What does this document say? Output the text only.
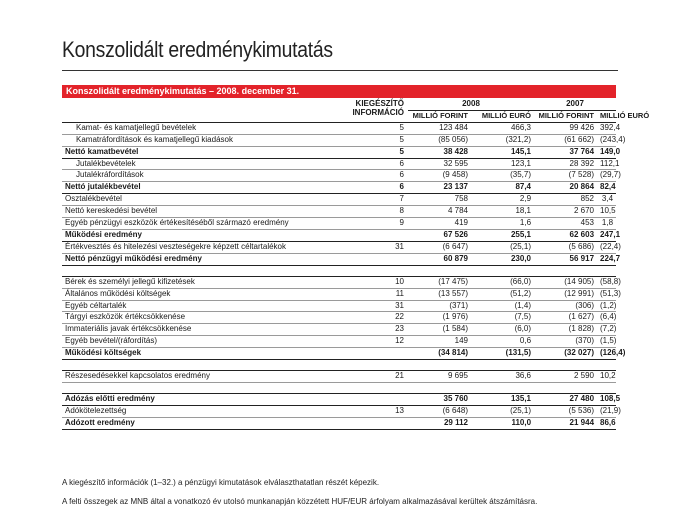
Konszolidált eredménykimutatás
Konszolidált eredménykimutatás – 2008. december 31.
	KIEGÉSZÍTŐ
INFORMÁCIÓ	2008		2007	
		MILLIÓ FORINT	MILLIÓ EURÓ	MILLIÓ FORINT	MILLIÓ EURÓ
Kamat- és kamatjellegű bevételek	5	123 484	466,3	99 426	392,4
Kamatráfordítások és kamatjellegű kiadások	5	(85 056)	(321,2)	(61 662)	(243,4)
Nettó kamatbevétel	5	38 428	145,1	37 764	149,0
Jutalékbevételek	6	32 595	123,1	28 392	112,1
Jutalékráfordítások	6	(9 458)	(35,7)	(7 528)	(29,7)
Nettó jutalékbevétel	6	23 137	87,4	20 864	82,4
Osztalékbevétel	7	758	2,9	852	3,4
Nettó kereskedési bevétel	8	4 784	18,1	2 670	10,5
Egyéb pénzügyi eszközök értékesítéséből származó eredmény	9	419	1,6	453	1,8
Működési eredmény		67 526	255,1	62 603	247,1
Értékvesztés és hitelezési veszteségekre képzett céltartalékok	31	(6 647)	(25,1)	(5 686)	(22,4)
Nettó pénzügyi működési eredmény		60 879	230,0	56 917	224,7

Bérek és személyi jellegű kifizetések	10	(17 475)	(66,0)	(14 905)	(58,8)
Általános működési költségek	11	(13 557)	(51,2)	(12 991)	(51,3)
Egyéb céltartalék	31	(371)	(1,4)	(306)	(1,2)
Tárgyi eszközök értékcsökkenése	22	(1 976)	(7,5)	(1 627)	(6,4)
Immateriális javak értékcsökkenése	23	(1 584)	(6,0)	(1 828)	(7,2)
Egyéb bevétel/(ráfordítás)	12	149	0,6	(370)	(1,5)
Működési költségek		(34 814)	(131,5)	(32 027)	(126,4)

Részesedésekkel kapcsolatos eredmény	21	9 695	36,6	2 590	10,2

Adózás előtti eredmény		35 760	135,1	27 480	108,5
Adókötelezettség	13	(6 648)	(25,1)	(5 536)	(21,9)
Adózott eredmény		29 112	110,0	21 944	86,6

A kiegészítő információk (1–32.) a pénzügyi kimutatások elválaszthatatlan részét képezik.

A felti összegek az MNB által a vonatkozó év utolsó munkanapján közzétett HUF/EUR árfolyam alkalmazásával kerültek átszámításra.
